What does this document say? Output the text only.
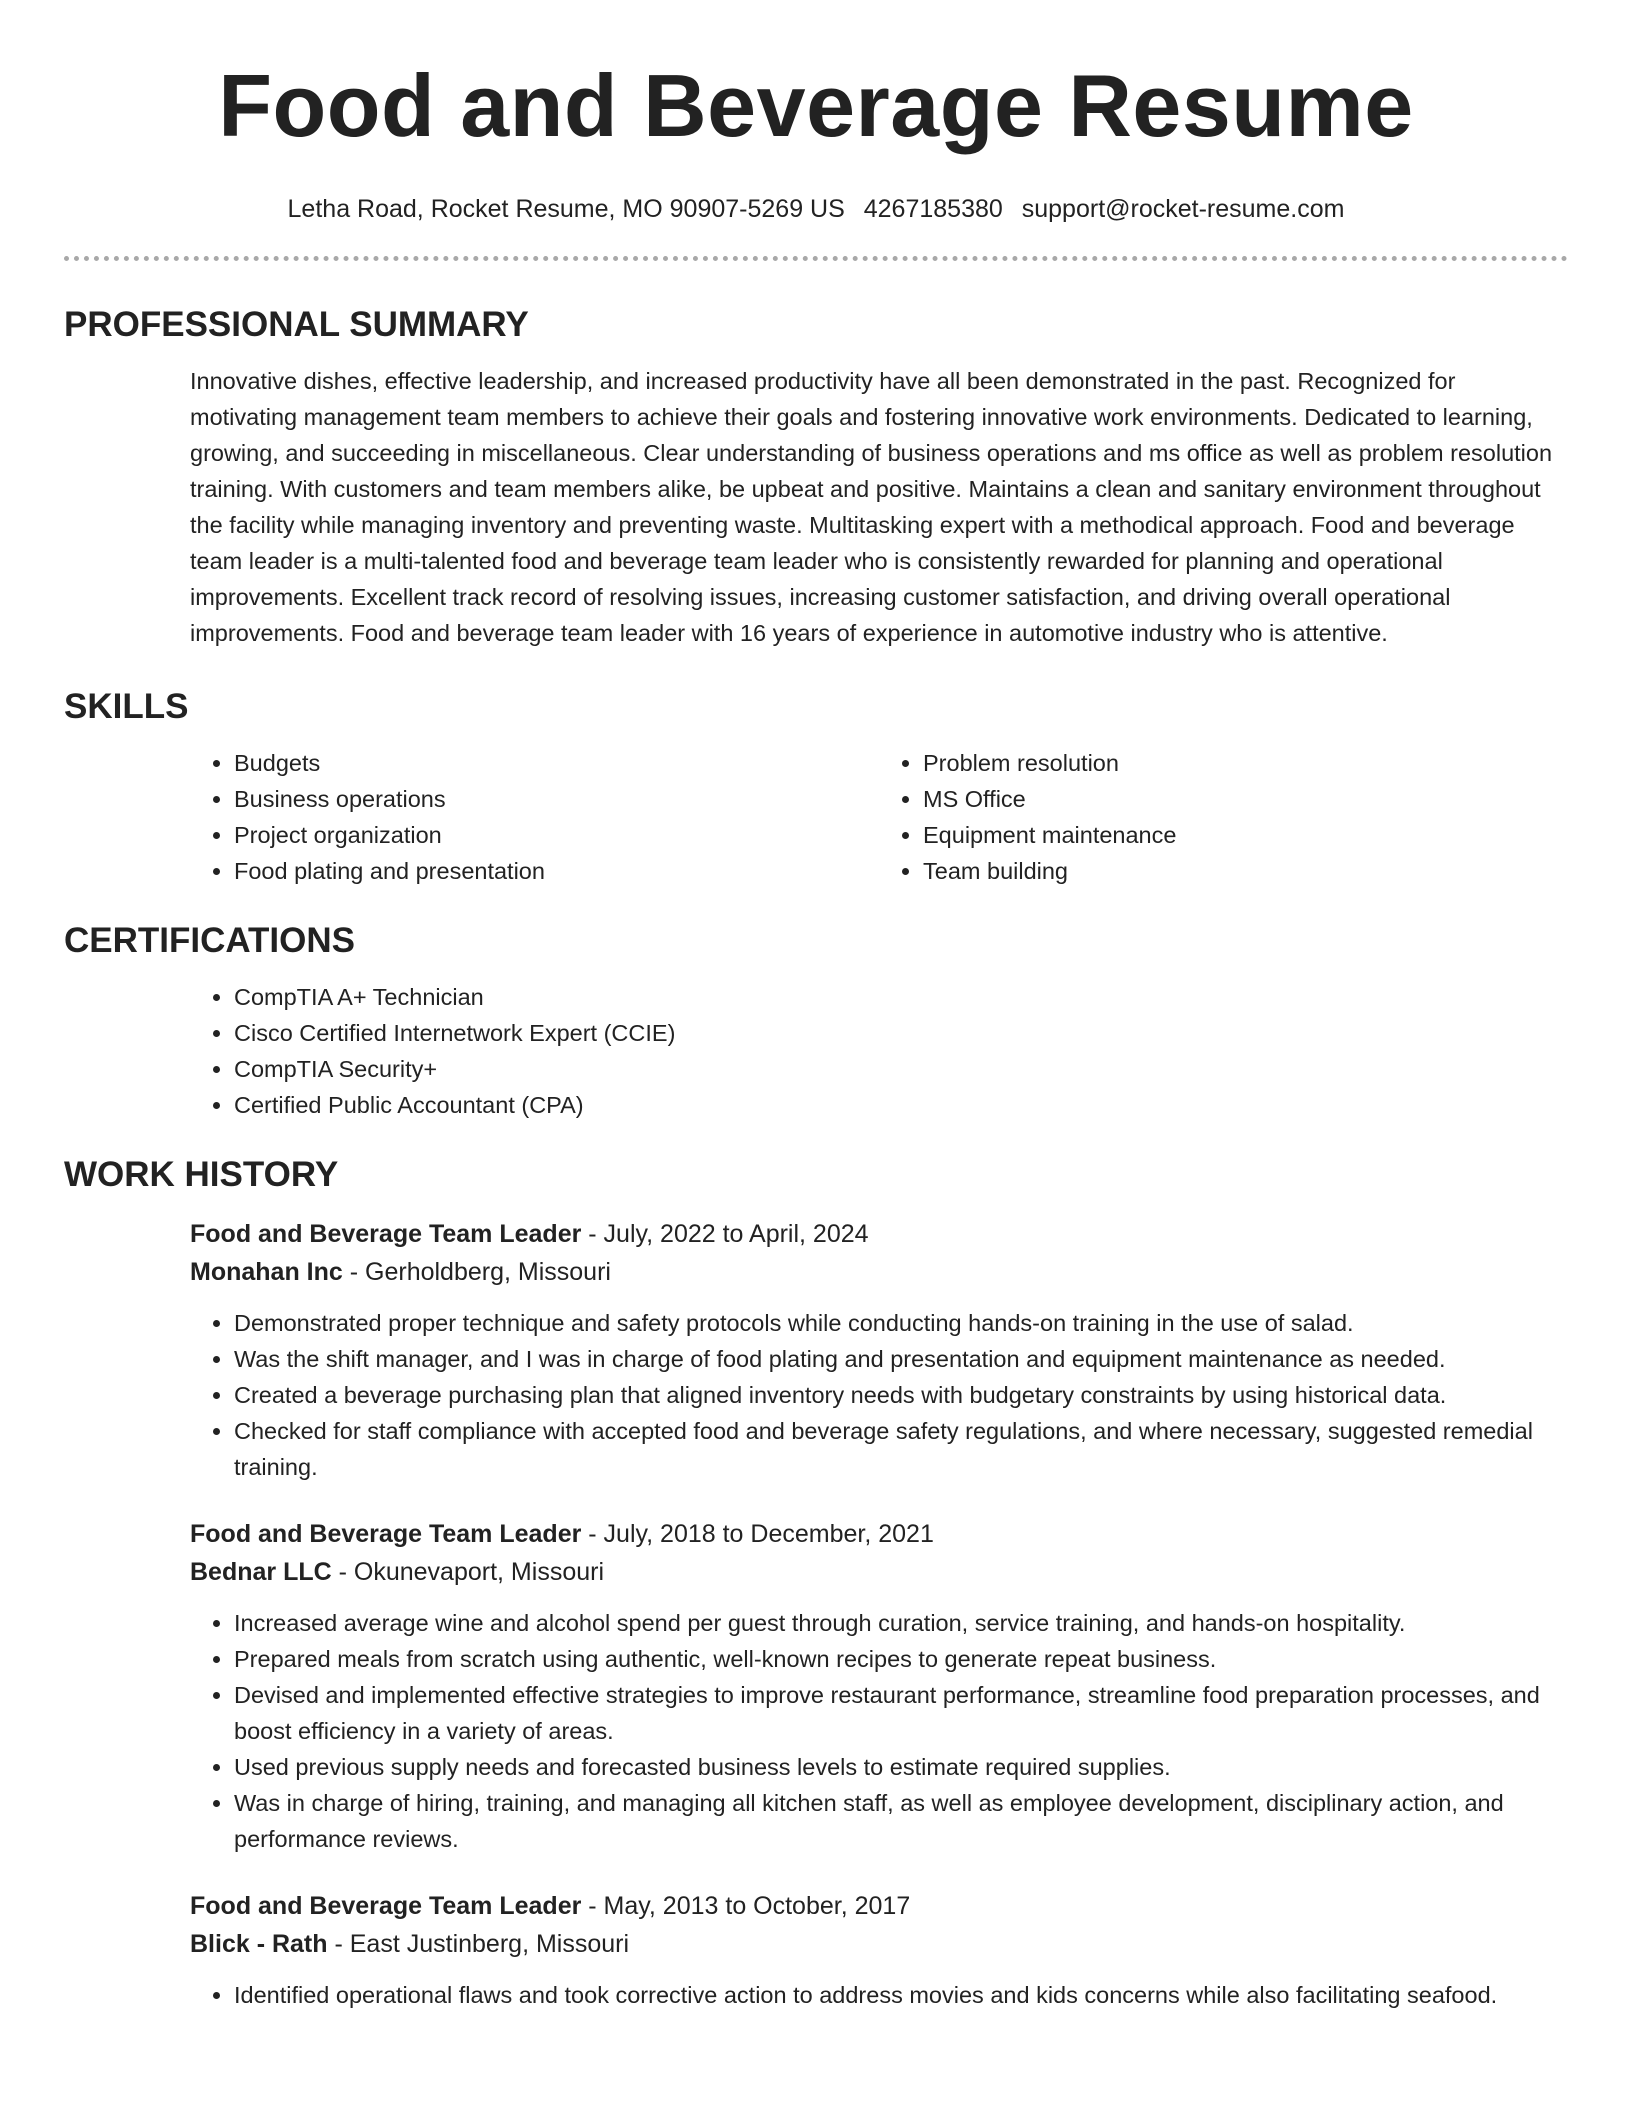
Food and Beverage Resume
Letha Road, Rocket Resume, MO 90907-5269 US 4267185380 support@rocket-resume.com
PROFESSIONAL SUMMARY

Innovative dishes, effective leadership, and increased productivity have all been demonstrated in the past. Recognized for motivating management team members to achieve their goals and fostering innovative work environments. Dedicated to learning, growing, and succeeding in miscellaneous. Clear understanding of business operations and ms office as well as problem resolution training. With customers and team members alike, be upbeat and positive. Maintains a clean and sanitary environment throughout the facility while managing inventory and preventing waste. Multitasking expert with a methodical approach. Food and beverage team leader is a multi-talented food and beverage team leader who is consistently rewarded for planning and operational improvements. Excellent track record of resolving issues, increasing customer satisfaction, and driving overall operational improvements. Food and beverage team leader with 16 years of experience in automotive industry who is attentive.

SKILLS
• Budgets
• Business operations
• Project organization
• Food plating and presentation
• Problem resolution
• MS Office
• Equipment maintenance
• Team building
CERTIFICATIONS
• CompTIA A+ Technician
• Cisco Certified Internetwork Expert (CCIE)
• CompTIA Security+
• Certified Public Accountant (CPA)
WORK HISTORY
Food and Beverage Team Leader - July, 2022 to April, 2024
Monahan Inc - Gerholdberg, Missouri
• Demonstrated proper technique and safety protocols while conducting hands-on training in the use of salad.
• Was the shift manager, and I was in charge of food plating and presentation and equipment maintenance as needed.
• Created a beverage purchasing plan that aligned inventory needs with budgetary constraints by using historical data.
• Checked for staff compliance with accepted food and beverage safety regulations, and where necessary, suggested remedial training.
Food and Beverage Team Leader - July, 2018 to December, 2021
Bednar LLC - Okunevaport, Missouri
• Increased average wine and alcohol spend per guest through curation, service training, and hands-on hospitality.
• Prepared meals from scratch using authentic, well-known recipes to generate repeat business.
• Devised and implemented effective strategies to improve restaurant performance, streamline food preparation processes, and boost efficiency in a variety of areas.
• Used previous supply needs and forecasted business levels to estimate required supplies.
• Was in charge of hiring, training, and managing all kitchen staff, as well as employee development, disciplinary action, and performance reviews.
Food and Beverage Team Leader - May, 2013 to October, 2017
Blick - Rath - East Justinberg, Missouri
• Identified operational flaws and took corrective action to address movies and kids concerns while also facilitating seafood.
